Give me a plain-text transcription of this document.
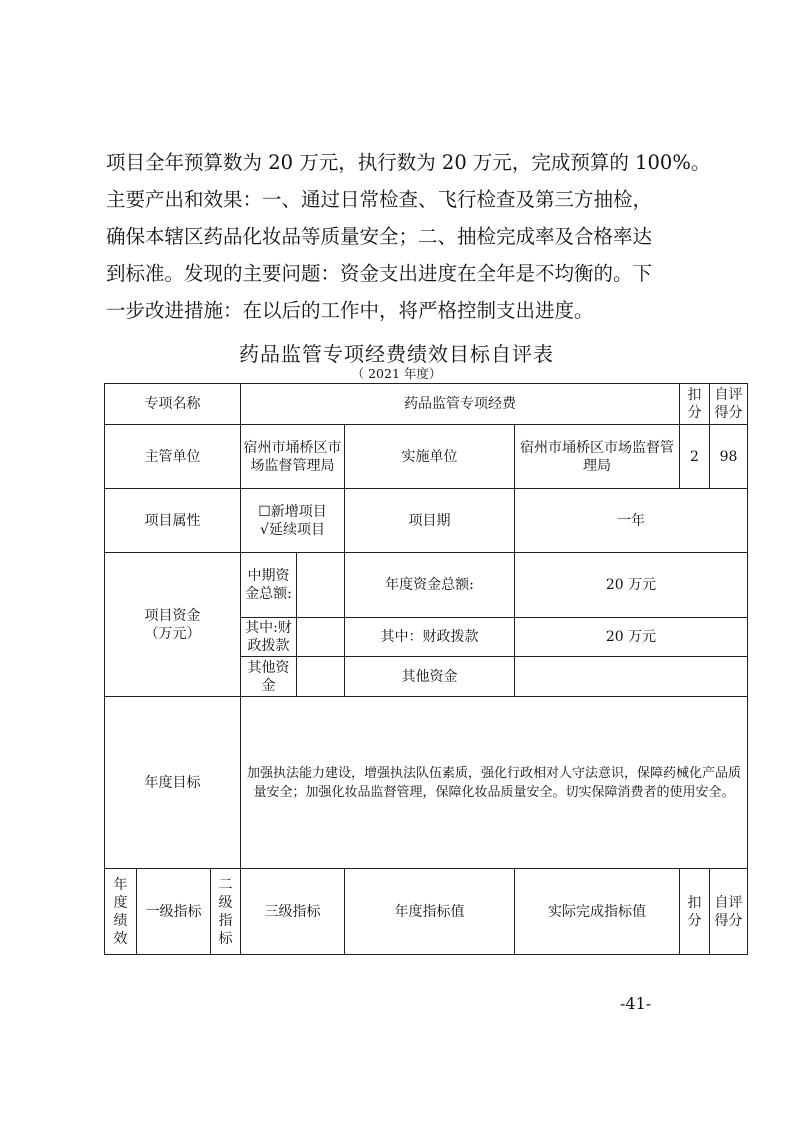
项目全年预算数为 20 万元，执行数为 20 万元，完成预算的 100%。

主要产出和效果：一、通过日常检查、飞行检查及第三方抽检，

确保本辖区药品化妆品等质量安全；二、抽检完成率及合格率达

到标准。发现的主要问题：资金支出进度在全年是不均衡的。下

一步改进措施：在以后的工作中，将严格控制支出进度。

药品监管专项经费绩效目标自评表
（ 2021 年度）
专项名称			药品监管专项经费				扣分	自评得分
主管单位			宿州市埇桥区市场监督管理局		实施单位	宿州市埇桥区市场监督管理局	2	98
项目属性			☐新增项目
√延续项目		项目期	一年		

项目资金
（万元）			中期资金总额:		年度资金总额:	20 万元		
			其中:财政拨款		其中：财政拨款	20 万元		
			其他资金		其他资金			
年度目标			加强执法能力建设，增强执法队伍素质，强化行政相对人守法意识，保障药械化产品质量安全；加强化妆品监督管理，保障化妆品质量安全。切实保障消费者的使用安全。					
年度绩效	一级指标	二级指标	三级指标		年度指标值	实际完成指标值	扣分	自评得分
-41-
